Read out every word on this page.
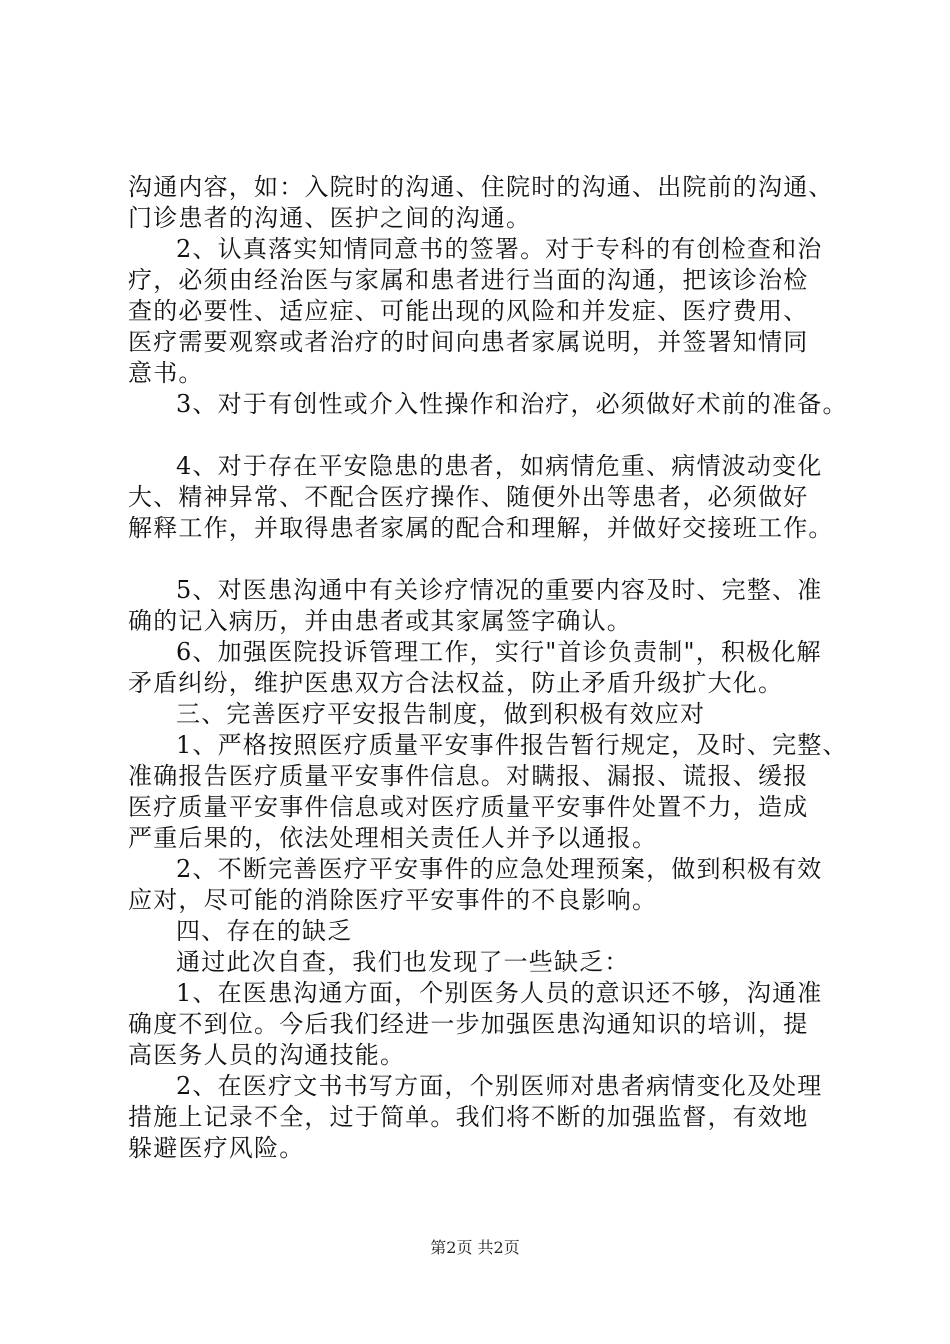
沟通内容，如：入院时的沟通、住院时的沟通、出院前的沟通、
门诊患者的沟通、医护之间的沟通。
2、认真落实知情同意书的签署。对于专科的有创检查和治
疗，必须由经治医与家属和患者进行当面的沟通，把该诊治检
查的必要性、适应症、可能出现的风险和并发症、医疗费用、
医疗需要观察或者治疗的时间向患者家属说明，并签署知情同
意书。
3、对于有创性或介入性操作和治疗，必须做好术前的准备。
4、对于存在平安隐患的患者，如病情危重、病情波动变化
大、精神异常、不配合医疗操作、随便外出等患者，必须做好
解释工作，并取得患者家属的配合和理解，并做好交接班工作。
5、对医患沟通中有关诊疗情况的重要内容及时、完整、准
确的记入病历，并由患者或其家属签字确认。
6、加强医院投诉管理工作，实行"首诊负责制"，积极化解
矛盾纠纷，维护医患双方合法权益，防止矛盾升级扩大化。
三、完善医疗平安报告制度，做到积极有效应对
1、严格按照医疗质量平安事件报告暂行规定，及时、完整、
准确报告医疗质量平安事件信息。对瞒报、漏报、谎报、缓报
医疗质量平安事件信息或对医疗质量平安事件处置不力，造成
严重后果的，依法处理相关责任人并予以通报。
2、不断完善医疗平安事件的应急处理预案，做到积极有效
应对，尽可能的消除医疗平安事件的不良影响。
四、存在的缺乏
通过此次自查，我们也发现了一些缺乏：
1、在医患沟通方面，个别医务人员的意识还不够，沟通准
确度不到位。今后我们经进一步加强医患沟通知识的培训，提
高医务人员的沟通技能。
2、在医疗文书书写方面，个别医师对患者病情变化及处理
措施上记录不全，过于简单。我们将不断的加强监督，有效地
躲避医疗风险。
第2页 共2页
